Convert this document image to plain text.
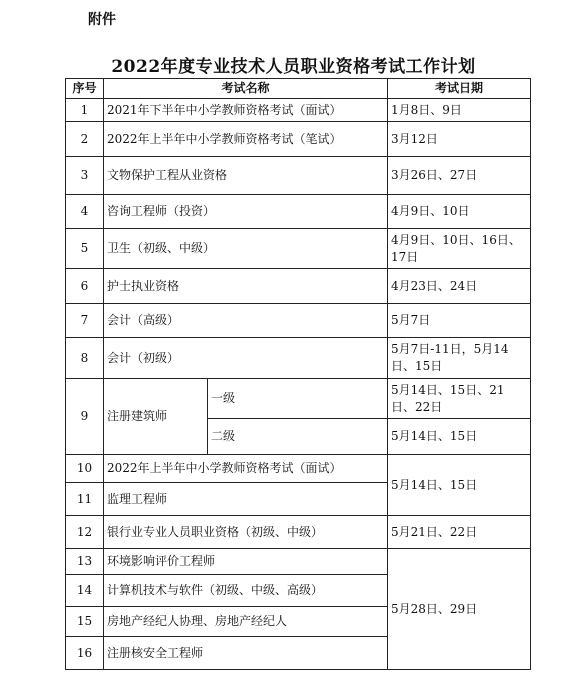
附件
2022年度专业技术人员职业资格考试工作计划
序号	考试名称		考试日期
1	2021年下半年中小学教师资格考试（面试）		1月8日、9日
2	2022年上半年中小学教师资格考试（笔试）		3月12日
3	文物保护工程从业资格		3月26日、27日
4	咨询工程师（投资）		4月9日、10日
5	卫生（初级、中级）		4月9日、10日、16日、17日
6	护士执业资格		4月23日、24日
7	会计（高级）		5月7日
8	会计（初级）		5月7日-11日，5月14日、15日
9	注册建筑师	一级	5月14日、15日、21日、22日
		二级	5月14日、15日
10	2022年上半年中小学教师资格考试（面试）		5月14日、15日
11	监理工程师		
12	银行业专业人员职业资格（初级、中级）		5月21日、22日
13	环境影响评价工程师		5月28日、29日
14	计算机技术与软件（初级、中级、高级）		
15	房地产经纪人协理、房地产经纪人		
16	注册核安全工程师		
